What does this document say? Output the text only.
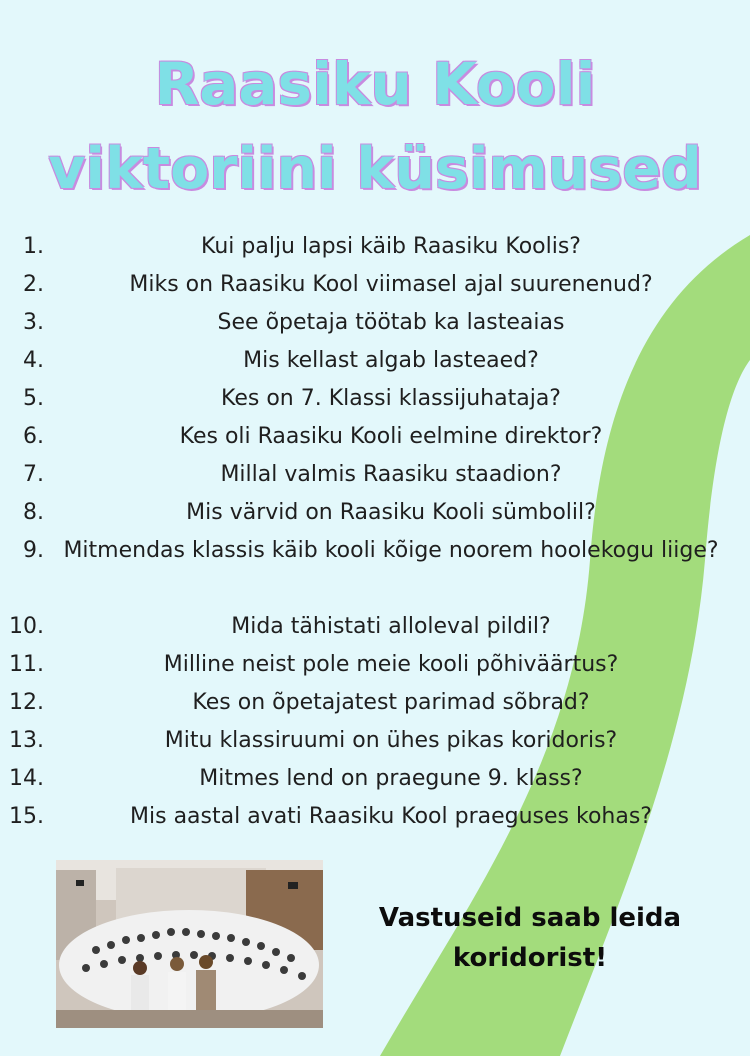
Raasiku Kooli
viktoriini küsimused
1.	Kui palju lapsi käib Raasiku Koolis?
2.	Miks on Raasiku Kool viimasel ajal suurenenud?
3.	See õpetaja töötab ka lasteaias
4.	Mis kellast algab lasteaed?
5.	Kes on 7. Klassi klassijuhataja?
6.	Kes oli Raasiku Kooli eelmine direktor?
7.	Millal valmis Raasiku staadion?
8.	Mis värvid on Raasiku Kooli sümbolil?
9. Mitmendas klassis käib kooli kõige noorem hoolekogu liige?
10.	Mida tähistati alloleval pildil?
11.	Milline neist pole meie kooli põhiväärtus?
12.	Kes on õpetajatest parimad sõbrad?
13.	Mitu klassiruumi on ühes pikas koridoris?
14.	Mitmes lend on praegune 9. klass?
15.	Mis aastal avati Raasiku Kool praeguses kohas?
Vastuseid saab leida koridorist!
